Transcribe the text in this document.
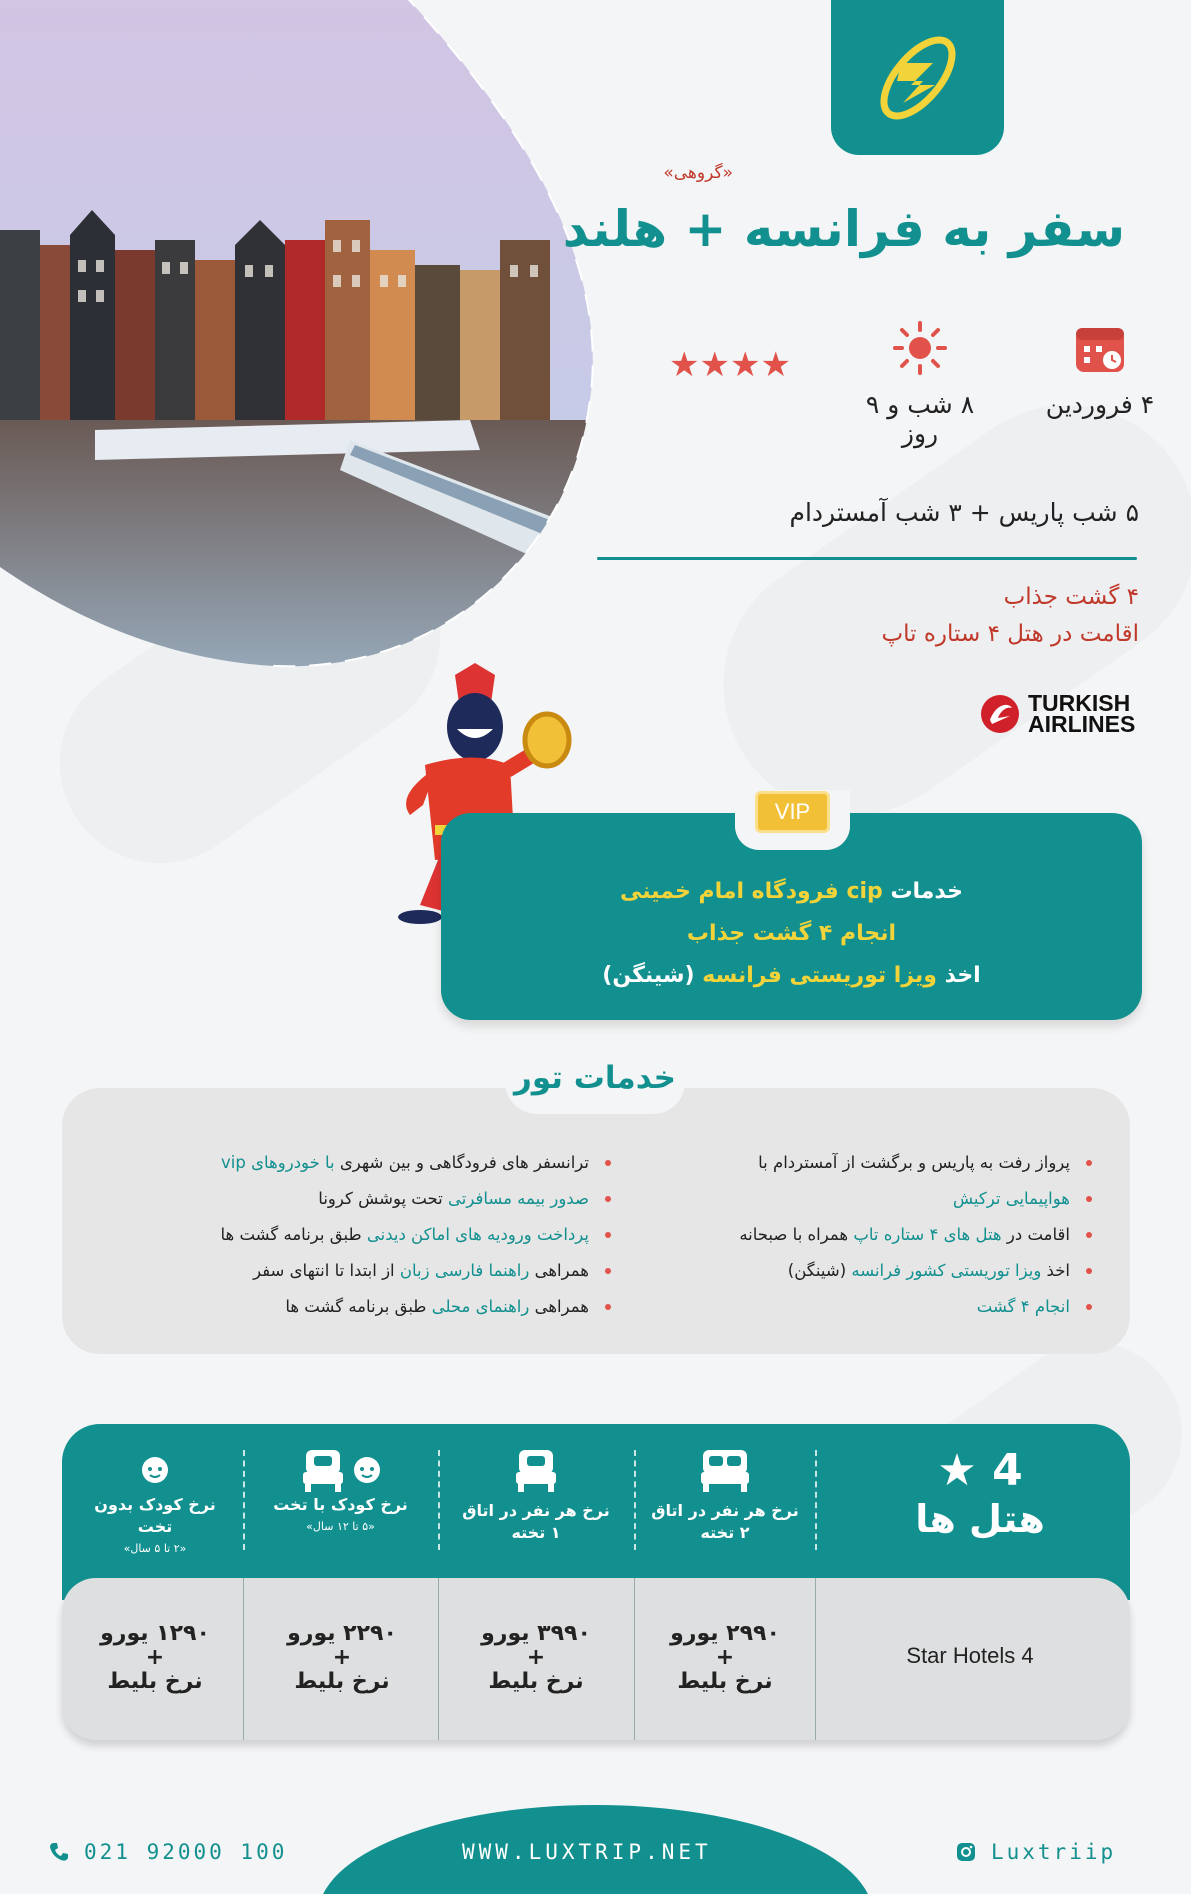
«گروهی»
سفر به فرانسه + هلند
۴ فروردین
۸ شب و ۹ روز
★★★★
۵ شب پاریس + ۳ شب آمستردام
۴ گشت جذاب
اقامت در هتل ۴ ستاره تاپ
TURKISH
AIRLINES
خدمات cip فرودگاه امام خمینی
انجام ۴ گشت جذاب
اخذ ویزا توریستی فرانسه (شینگن)
VIP
خدمات تور
پرواز رفت به پاریس و برگشت از آمستردام با
هواپیمایی ترکیش
اقامت در هتل های ۴ ستاره تاپ همراه با صبحانه
اخذ ویزا توریستی کشور فرانسه (شینگن)
انجام ۴ گشت
ترانسفر های فرودگاهی و بین شهری با خودروهای vip
صدور بیمه مسافرتی تحت پوشش کرونا
پرداخت ورودیه های اماکن دیدنی طبق برنامه گشت ها
همراهی راهنما فارسی زبان از ابتدا تا انتهای سفر
همراهی راهنمای محلی طبق برنامه گشت ها
4 ★
هتل ها
نرخ هر نفر در اتاق
۲ تخته
نرخ هر نفر در اتاق
۱ تخته
نرخ کودک با تخت
«۵ تا ۱۲ سال»
نرخ کودک بدون تخت
«۲ تا ۵ سال»
4 Star Hotels
۲۹۹۰ یورو
+
نرخ بلیط
۳۹۹۰ یورو
+
نرخ بلیط
۲۲۹۰ یورو
+
نرخ بلیط
۱۲۹۰ یورو
+
نرخ بلیط
021 92000 100	WWW.LUXTRIP.NET	Luxtriip
